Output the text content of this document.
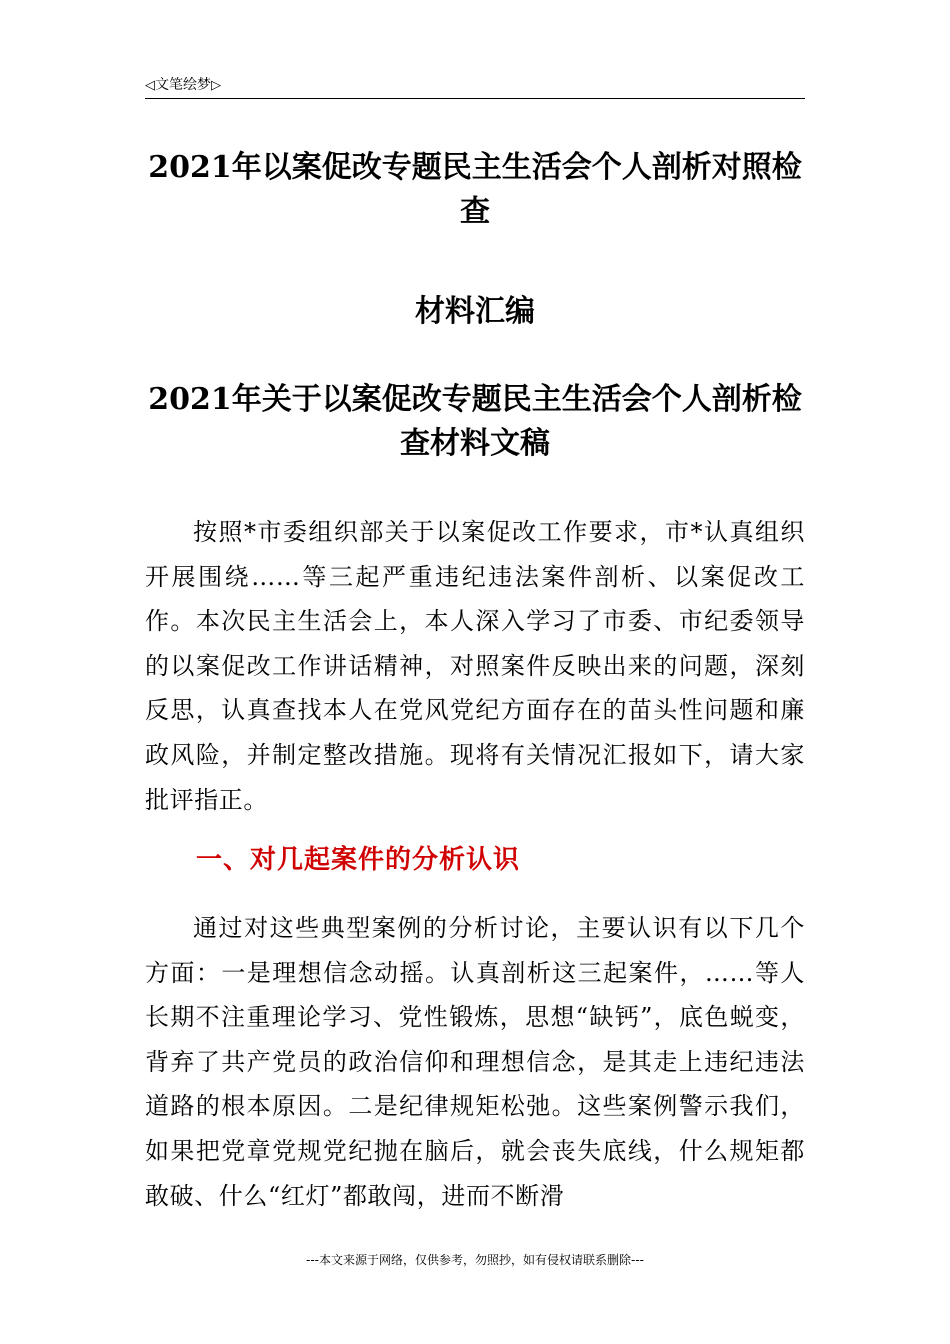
◁文笔绘梦▷
2021年以案促改专题民主生活会个人剖析对照检查
材料汇编
2021年关于以案促改专题民主生活会个人剖析检查材料文稿
按照*市委组织部关于以案促改工作要求，市*认真组织开展围绕……等三起严重违纪违法案件剖析、以案促改工作。本次民主生活会上，本人深入学习了市委、市纪委领导的以案促改工作讲话精神，对照案件反映出来的问题，深刻反思，认真查找本人在党风党纪方面存在的苗头性问题和廉政风险，并制定整改措施。现将有关情况汇报如下，请大家批评指正。
一、对几起案件的分析认识
通过对这些典型案例的分析讨论，主要认识有以下几个方面：一是理想信念动摇。认真剖析这三起案件，……等人长期不注重理论学习、党性锻炼，思想“缺钙”，底色蜕变，背弃了共产党员的政治信仰和理想信念，是其走上违纪违法道路的根本原因。二是纪律规矩松弛。这些案例警示我们，如果把党章党规党纪抛在脑后，就会丧失底线，什么规矩都敢破、什么“红灯”都敢闯，进而不断滑
---本文来源于网络，仅供参考，勿照抄，如有侵权请联系删除---
